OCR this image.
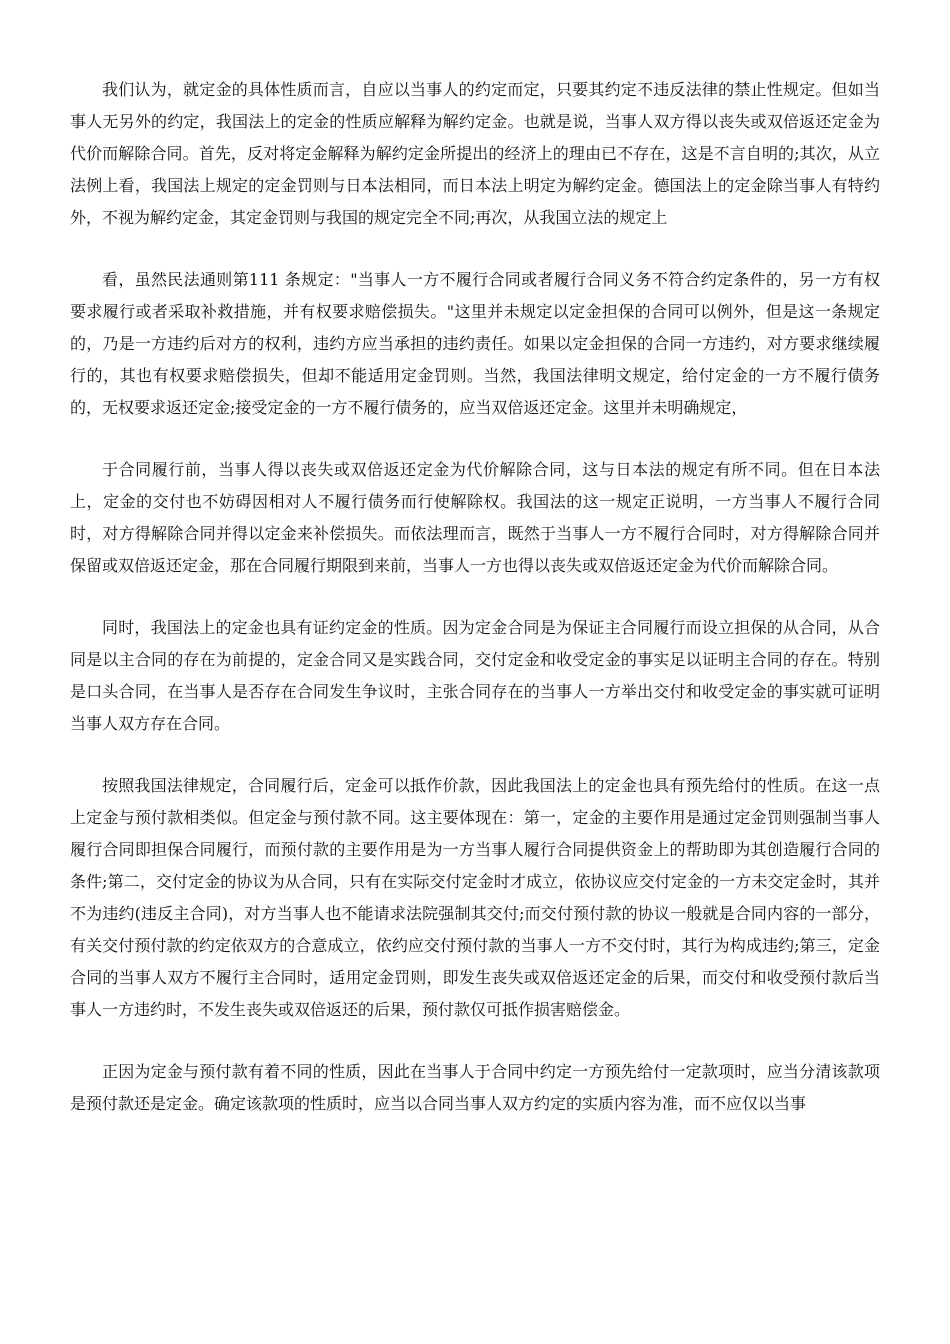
我们认为，就定金的具体性质而言，自应以当事人的约定而定，只要其约定不违反法律的禁止性规定。但如当事人无另外的约定，我国法上的定金的性质应解释为解约定金。也就是说，当事人双方得以丧失或双倍返还定金为代价而解除合同。首先，反对将定金解释为解约定金所提出的经济上的理由已不存在，这是不言自明的;其次，从立法例上看，我国法上规定的定金罚则与日本法相同，而日本法上明定为解约定金。德国法上的定金除当事人有特约外，不视为解约定金，其定金罚则与我国的规定完全不同;再次，从我国立法的规定上

看，虽然民法通则第111 条规定："当事人一方不履行合同或者履行合同义务不符合约定条件的，另一方有权要求履行或者采取补救措施，并有权要求赔偿损失。"这里并未规定以定金担保的合同可以例外，但是这一条规定的，乃是一方违约后对方的权利，违约方应当承担的违约责任。如果以定金担保的合同一方违约，对方要求继续履行的，其也有权要求赔偿损失，但却不能适用定金罚则。当然，我国法律明文规定，给付定金的一方不履行债务的，无权要求返还定金;接受定金的一方不履行债务的，应当双倍返还定金。这里并未明确规定，

于合同履行前，当事人得以丧失或双倍返还定金为代价解除合同，这与日本法的规定有所不同。但在日本法上，定金的交付也不妨碍因相对人不履行债务而行使解除权。我国法的这一规定正说明，一方当事人不履行合同时，对方得解除合同并得以定金来补偿损失。而依法理而言，既然于当事人一方不履行合同时，对方得解除合同并保留或双倍返还定金，那在合同履行期限到来前，当事人一方也得以丧失或双倍返还定金为代价而解除合同。

同时，我国法上的定金也具有证约定金的性质。因为定金合同是为保证主合同履行而设立担保的从合同，从合同是以主合同的存在为前提的，定金合同又是实践合同，交付定金和收受定金的事实足以证明主合同的存在。特别是口头合同，在当事人是否存在合同发生争议时，主张合同存在的当事人一方举出交付和收受定金的事实就可证明当事人双方存在合同。

按照我国法律规定，合同履行后，定金可以抵作价款，因此我国法上的定金也具有预先给付的性质。在这一点上定金与预付款相类似。但定金与预付款不同。这主要体现在：第一，定金的主要作用是通过定金罚则强制当事人履行合同即担保合同履行，而预付款的主要作用是为一方当事人履行合同提供资金上的帮助即为其创造履行合同的条件;第二，交付定金的协议为从合同，只有在实际交付定金时才成立，依协议应交付定金的一方未交定金时，其并不为违约(违反主合同)，对方当事人也不能请求法院强制其交付;而交付预付款的协议一般就是合同内容的一部分，有关交付预付款的约定依双方的合意成立，依约应交付预付款的当事人一方不交付时，其行为构成违约;第三，定金合同的当事人双方不履行主合同时，适用定金罚则，即发生丧失或双倍返还定金的后果，而交付和收受预付款后当事人一方违约时，不发生丧失或双倍返还的后果，预付款仅可抵作损害赔偿金。

正因为定金与预付款有着不同的性质，因此在当事人于合同中约定一方预先给付一定款项时，应当分清该款项是预付款还是定金。确定该款项的性质时，应当以合同当事人双方约定的实质内容为准，而不应仅以当事
